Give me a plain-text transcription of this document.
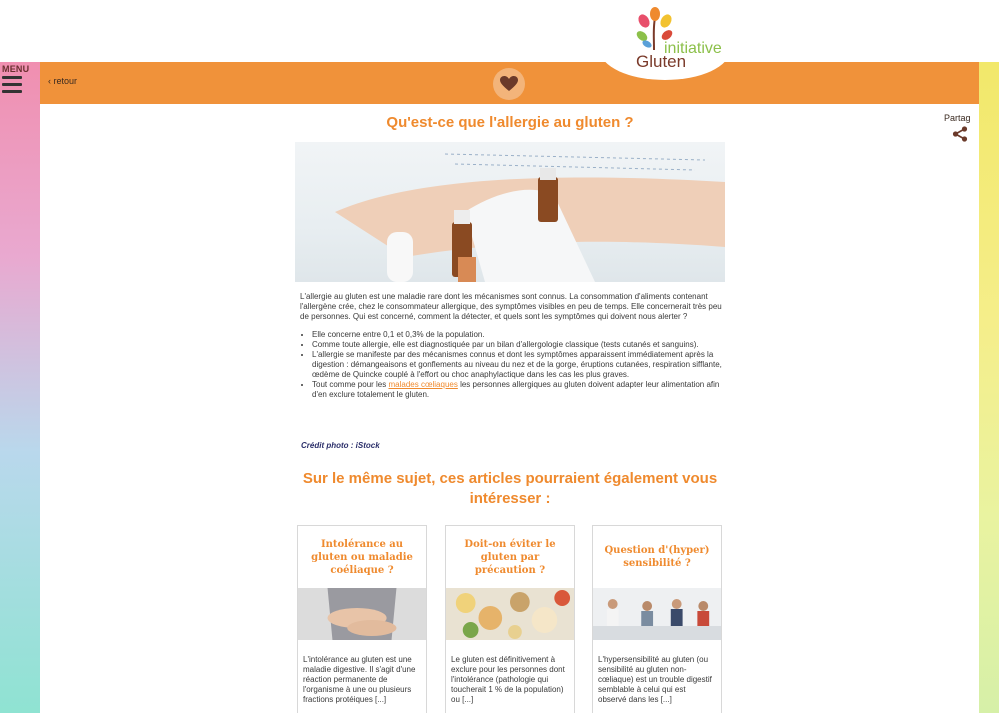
MENU
‹ retour
initiative
Gluten
Partag
Qu'est-ce que l'allergie au gluten ?

L'allergie au gluten est une maladie rare dont les mécanismes sont connus. La consommation d'aliments contenant l'allergène crée, chez le consommateur allergique, des symptômes visibles en peu de temps. Elle concernerait très peu de personnes. Qui est concerné, comment la détecter, et quels sont les symptômes qui doivent nous alerter ?

• Elle concerne entre 0,1 et 0,3% de la population.
• Comme toute allergie, elle est diagnostiquée par un bilan d'allergologie classique (tests cutanés et sanguins).
• L'allergie se manifeste par des mécanismes connus et dont les symptômes apparaissent immédiatement après la digestion : démangeaisons et gonflements au niveau du nez et de la gorge, éruptions cutanées, respiration sifflante, œdème de Quincke couplé à l'effort ou choc anaphylactique dans les cas les plus graves.
• Tout comme pour les malades cœliaques les personnes allergiques au gluten doivent adapter leur alimentation afin d'en exclure totalement le gluten.
Crédit photo : iStock
Sur le même sujet, ces articles pourraient également vous intéresser :
Intolérance au gluten ou maladie coéliaque ?
L'intolérance au gluten est une maladie digestive. Il s'agit d'une réaction permanente de l'organisme à une ou plusieurs fractions protéiques [...]
Doit-on éviter le gluten par précaution ?
Le gluten est définitivement à exclure pour les personnes dont l'intolérance (pathologie qui toucherait 1 % de la population) ou [...]
Question d'(hyper) sensibilité ?
L'hypersensibilité au gluten (ou sensibilité au gluten non-cœliaque) est un trouble digestif semblable à celui qui est observé dans les [...]
